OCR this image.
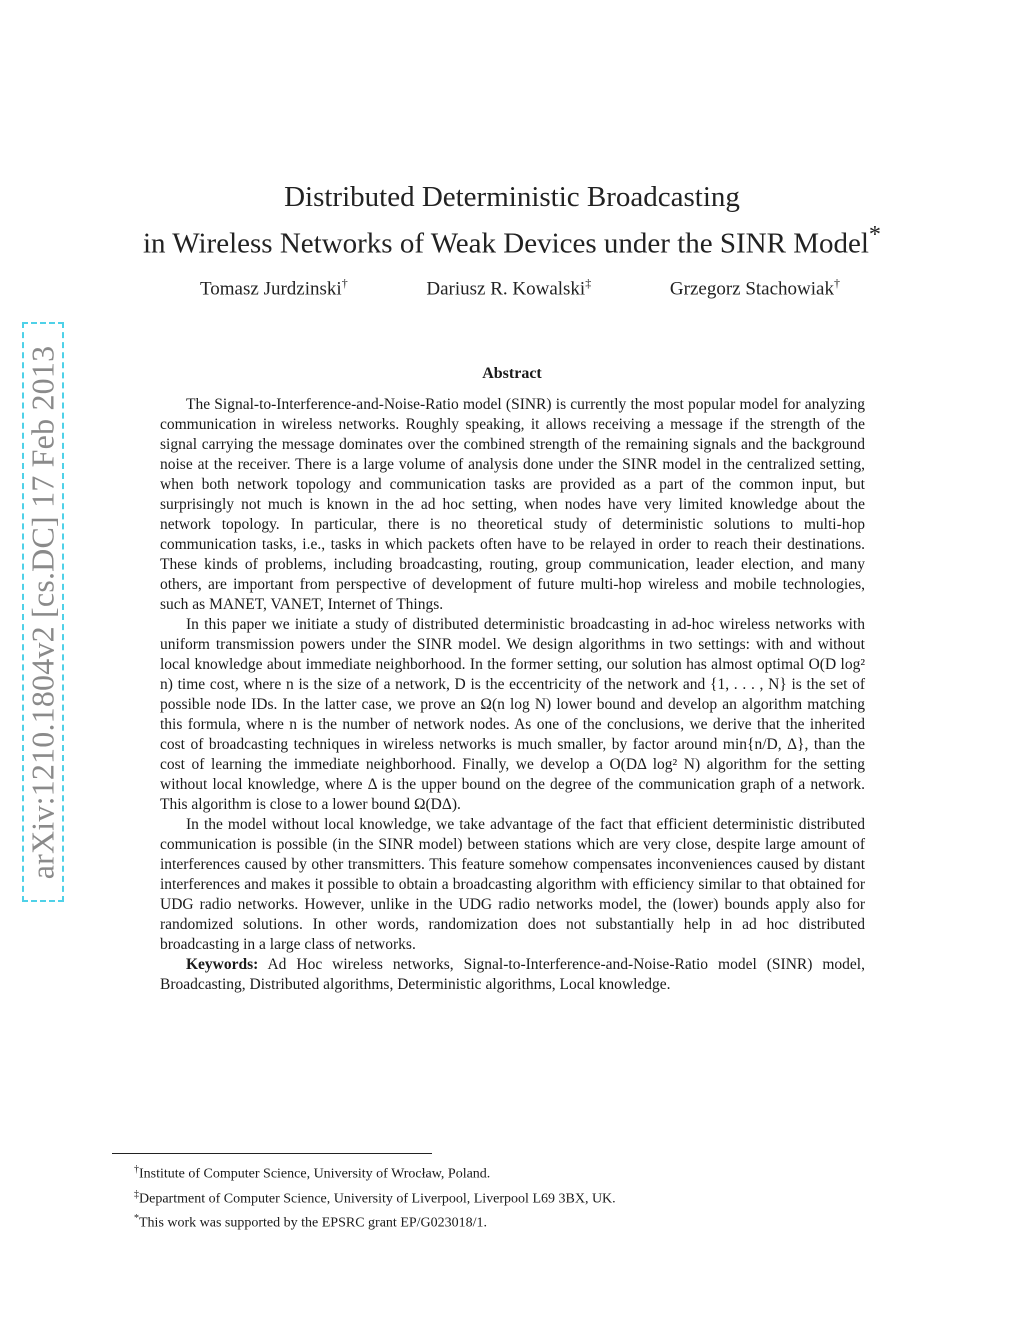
arXiv:1210.1804v2 [cs.DC] 17 Feb 2013
Distributed Deterministic Broadcasting
in Wireless Networks of Weak Devices under the SINR Model*
Tomasz Jurdzinski†	Dariusz R. Kowalski‡	Grzegorz Stachowiak†
Abstract

The Signal-to-Interference-and-Noise-Ratio model (SINR) is currently the most popular model for analyzing communication in wireless networks. Roughly speaking, it allows receiving a message if the strength of the signal carrying the message dominates over the combined strength of the remaining signals and the background noise at the receiver. There is a large volume of analysis done under the SINR model in the centralized setting, when both network topology and communication tasks are provided as a part of the common input, but surprisingly not much is known in the ad hoc setting, when nodes have very limited knowledge about the network topology. In particular, there is no theoretical study of deterministic solutions to multi-hop communication tasks, i.e., tasks in which packets often have to be relayed in order to reach their destinations. These kinds of problems, including broadcasting, routing, group communication, leader election, and many others, are important from perspective of development of future multi-hop wireless and mobile technologies, such as MANET, VANET, Internet of Things.

In this paper we initiate a study of distributed deterministic broadcasting in ad-hoc wireless networks with uniform transmission powers under the SINR model. We design algorithms in two settings: with and without local knowledge about immediate neighborhood. In the former setting, our solution has almost optimal O(D log² n) time cost, where n is the size of a network, D is the eccentricity of the network and {1, . . . , N} is the set of possible node IDs. In the latter case, we prove an Ω(n log N) lower bound and develop an algorithm matching this formula, where n is the number of network nodes. As one of the conclusions, we derive that the inherited cost of broadcasting techniques in wireless networks is much smaller, by factor around min{n/D, Δ}, than the cost of learning the immediate neighborhood. Finally, we develop a O(DΔ log² N) algorithm for the setting without local knowledge, where Δ is the upper bound on the degree of the communication graph of a network. This algorithm is close to a lower bound Ω(DΔ).

In the model without local knowledge, we take advantage of the fact that efficient deterministic distributed communication is possible (in the SINR model) between stations which are very close, despite large amount of interferences caused by other transmitters. This feature somehow compensates inconveniences caused by distant interferences and makes it possible to obtain a broadcasting algorithm with efficiency similar to that obtained for UDG radio networks. However, unlike in the UDG radio networks model, the (lower) bounds apply also for randomized solutions. In other words, randomization does not substantially help in ad hoc distributed broadcasting in a large class of networks.

Keywords: Ad Hoc wireless networks, Signal-to-Interference-and-Noise-Ratio model (SINR) model, Broadcasting, Distributed algorithms, Deterministic algorithms, Local knowledge.

†Institute of Computer Science, University of Wrocław, Poland.
‡Department of Computer Science, University of Liverpool, Liverpool L69 3BX, UK.
*This work was supported by the EPSRC grant EP/G023018/1.
